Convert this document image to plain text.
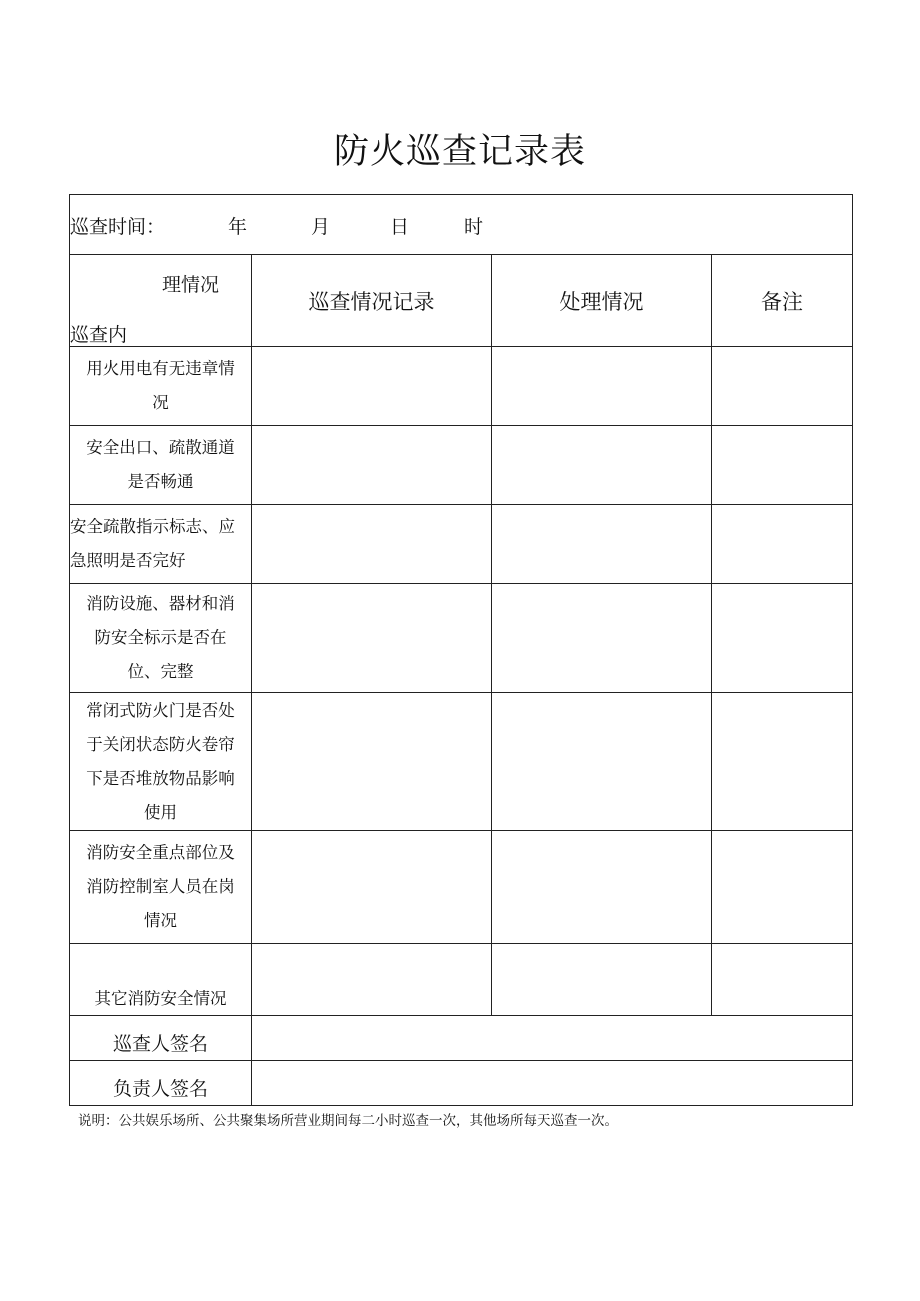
防火巡查记录表
巡查时间： 年 月 日 时			

理情况
巡查内	巡查情况记录	处理情况	备注

用火用电有无违章情
况			

安全出口、疏散通道
是否畅通			

安全疏散指示标志、应
急照明是否完好			

消防设施、器材和消
防安全标示是否在
位、完整			

常闭式防火门是否处
于关闭状态防火卷帘
下是否堆放物品影响
使用			

消防安全重点部位及
消防控制室人员在岗
情况			

其它消防安全情况			

巡查人签名			
负责人签名			
说明：公共娱乐场所、公共聚集场所营业期间每二小时巡查一次，其他场所每天巡查一次。
